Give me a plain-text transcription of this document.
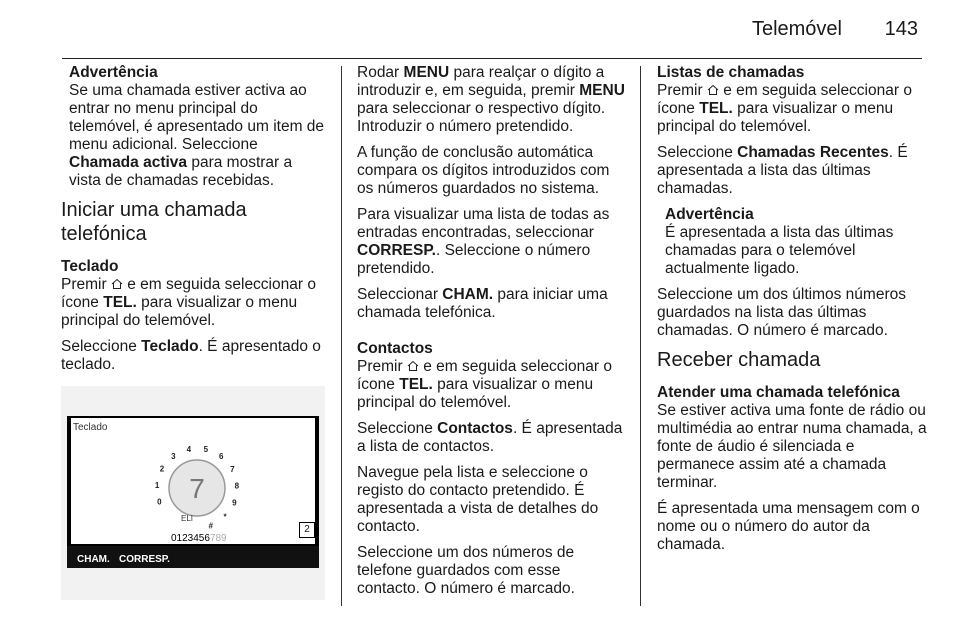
Telemóvel 143
Advertência
Se uma chamada estiver activa ao entrar no menu principal do telemóvel, é apresentado um item de menu adicional. Seleccione Chamada activa para mostrar a vista de chamadas recebidas.
Iniciar uma chamada telefónica
Teclado

Premir
e em seguida seleccionar o ícone TEL. para visualizar o menu principal do telemóvel.

Seleccione Teclado. É apresentado o teclado.

Teclado
0
1
2
3
4 5
6
7
8
9
*
#
7
ELI
0123456789
2
CHAM. CORRESP.

Rodar MENU para realçar o dígito a introduzir e, em seguida, premir MENU para seleccionar o respectivo dígito. Introduzir o número pretendido.

A função de conclusão automática compara os dígitos introduzidos com os números guardados no sistema.

Para visualizar uma lista de todas as entradas encontradas, seleccionar CORRESP.. Seleccione o número pretendido.

Seleccionar CHAM. para iniciar uma chamada telefónica.

Contactos

Premir
e em seguida seleccionar o ícone TEL. para visualizar o menu principal do telemóvel.

Seleccione Contactos. É apresentada a lista de contactos.

Navegue pela lista e seleccione o registo do contacto pretendido. É apresentada a vista de detalhes do contacto.

Seleccione um dos números de telefone guardados com esse contacto. O número é marcado.

Listas de chamadas

Premir
e em seguida seleccionar o ícone TEL. para visualizar o menu principal do telemóvel.

Seleccione Chamadas Recentes. É apresentada a lista das últimas chamadas.

Advertência
É apresentada a lista das últimas chamadas para o telemóvel actualmente ligado.

Seleccione um dos últimos números guardados na lista das últimas chamadas. O número é marcado.

Receber chamada
Atender uma chamada telefónica

Se estiver activa uma fonte de rádio ou multimédia ao entrar numa chamada, a fonte de áudio é silenciada e permanece assim até a chamada terminar.

É apresentada uma mensagem com o nome ou o número do autor da chamada.
